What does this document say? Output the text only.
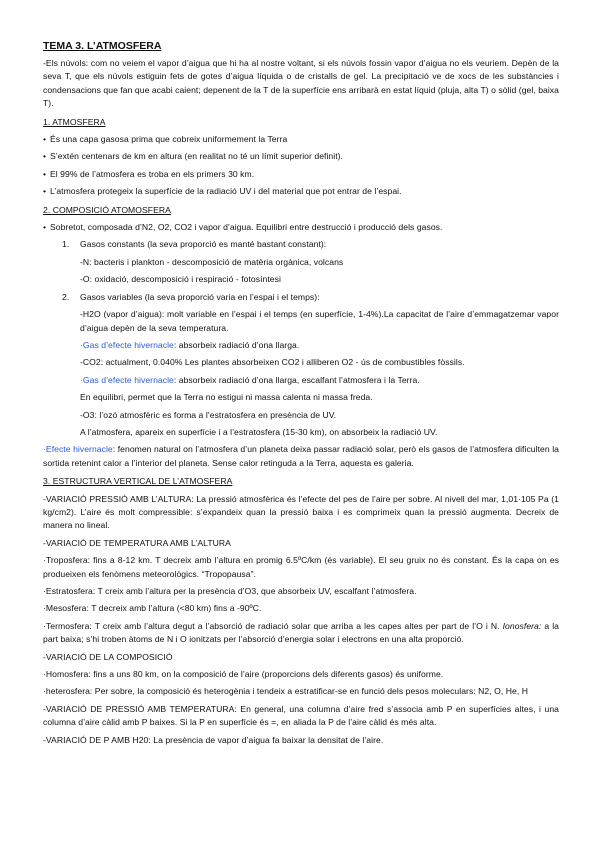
TEMA 3. L’ATMOSFERA
-Els núvols: com no veiem el vapor d’aigua que hi ha al nostre voltant, si els núvols fossin vapor d’aigua no els veuriem. Depèn de la seva T, que els núvols estiguin fets de gotes d’aigua líquida o de cristalls de gel. La precipitació ve de xocs de les substàncies i condensacions que fan que acabi caient; depenent de la T de la superfície ens arribarà en estat líquid (pluja, alta T) o sòlid (gel, baixa T).
1. ATMOSFERA
• És una capa gasosa prima que cobreix uniformement la Terra
• S’extén centenars de km en altura (en realitat no té un límit superior definit).
• El 99% de l’atmosfera es troba en els primers 30 km.
• L’atmosfera protegeix la superfície de la radiació UV i del material que pot entrar de l’espai.
2. COMPOSICIÓ ATOMOSFERA
• Sobretot, composada d’N2, O2, CO2 i vapor d’aigua. Equilibri entre destrucció i producció dels gasos.
1.	Gasos constants (la seva proporció es manté bastant constant):
-N: bacteris i plankton - descomposició de matèria orgànica, volcans
-O: oxidació, descomposició i respiració - fotosíntesi
2.	Gasos variables (la seva proporció varia en l’espai i el temps):
-H2O (vapor d’aigua): molt variable en l’espai i el temps (en superfície, 1-4%).La capacitat de l’aire d’emmagatzemar vapor d’aigua depèn de la seva temperatura.
·Gas d’efecte hivernacle: absorbeix radiació d’ona llarga.
-CO2: actualment, 0.040% Les plantes absorbeixen CO2 i alliberen O2 - ús de combustibles fòssils.
·Gas d’efecte hivernacle: absorbeix radiació d’ona llarga, escalfant l’atmosfera i la Terra.
En equilibri, permet que la Terra no estigui ni massa calenta ni massa freda.
-O3: l’ozó atmosfèric es forma a l’estratosfera en presència de UV.
A l’atmosfera, apareix en superfície i a l’estratosfera (15-30 km), on absorbeix la radiació UV.
·Efecte hivernacle: fenomen natural on l’atmosfera d’un planeta deixa passar radiació solar, però els gasos de l’atmosfera dificulten la sortida retenint calor a l’interior del planeta. Sense calor retinguda a la Terra, aquesta es galeria.
3. ESTRUCTURA VERTICAL DE L’ATMOSFERA
-VARIACIÓ PRESSIÓ AMB L’ALTURA: La pressió atmosfèrica és l’efecte del pes de l’aire per sobre. Al nivell del mar, 1,01·105 Pa (1 kg/cm2). L’aire és molt compressible: s’expandeix quan la pressió baixa i es comprimeix quan la pressió augmenta. Decreix de manera no lineal.
-VARIACIÓ DE TEMPERATURA AMB L’ALTURA
·Troposfera: fins a 8-12 km. T decreix amb l’altura en promig 6.5ºC/km (és variable). El seu gruix no és constant. És la capa on es produeixen els fenòmens meteorològics. “Tropopausa”.
·Estratosfera: T creix amb l’altura per la presència d’O3, que absorbeix UV, escalfant l’atmosfera.
·Mesosfera: T decreix amb l’altura (<80 km) fins a -90ºC.
·Termosfera: T creix amb l’altura degut a l’absorció de radiació solar que arriba a les capes altes per part de l’O i N. Ionosfera: a la part baixa; s’hi troben àtoms de N i O ionitzats per l’absorció d’energia solar i electrons en una alta proporció.
-VARIACIÓ DE LA COMPOSICIÓ
·Homosfera: fins a uns 80 km, on la composició de l’aire (proporcions dels diferents gasos) és uniforme.
·heterosfera: Per sobre, la composició és heterogènia i tendeix a estratificar-se en funció dels pesos moleculars: N2, O, He, H
-VARIACIÓ DE PRESSIÓ AMB TEMPERATURA: En general, una columna d’aire fred s’associa amb P en superfícies altes, i una columna d’aire càlid amb P baixes. Si la P en superfície és =, en aliada la P de l’aire càlid és més alta.
-VARIACIÓ DE P AMB H20: La presència de vapor d’aigua fa baixar la densitat de l’aire.
